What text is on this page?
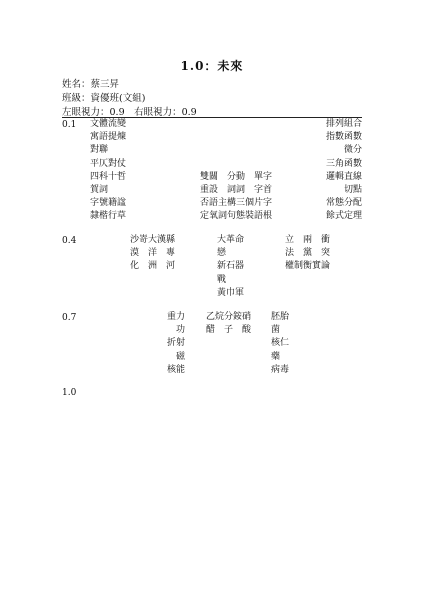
1.0：未來
姓名：蔡三昇
班級：資優班(文組)
左眼視力：0.9　右眼視力：0.9
0.1 文體流變
寓語提煉
對聯
平仄對仗
四科十哲
賀詞
字號籍諡
隸楷行草
雙關　分動　單字
重設　詞詞　字首
否語主構三個片字
定氧詞句態裝語根
排列組合
指數函數
微分
三角函數
邏輯直線
切點
常態分配
餘式定理
0.4	沙嵜大漢縣
漠　洋　專
化　洲　河
大革命
戀
新石器
戰
黃巾軍
立　兩　衝
法　黨　突
權制衡實論
0.7	重力
功
折射
磁
核能
乙烷分銨硝
醋　子　酸
胚胎
菌
核仁
藥
病毒
1.0
